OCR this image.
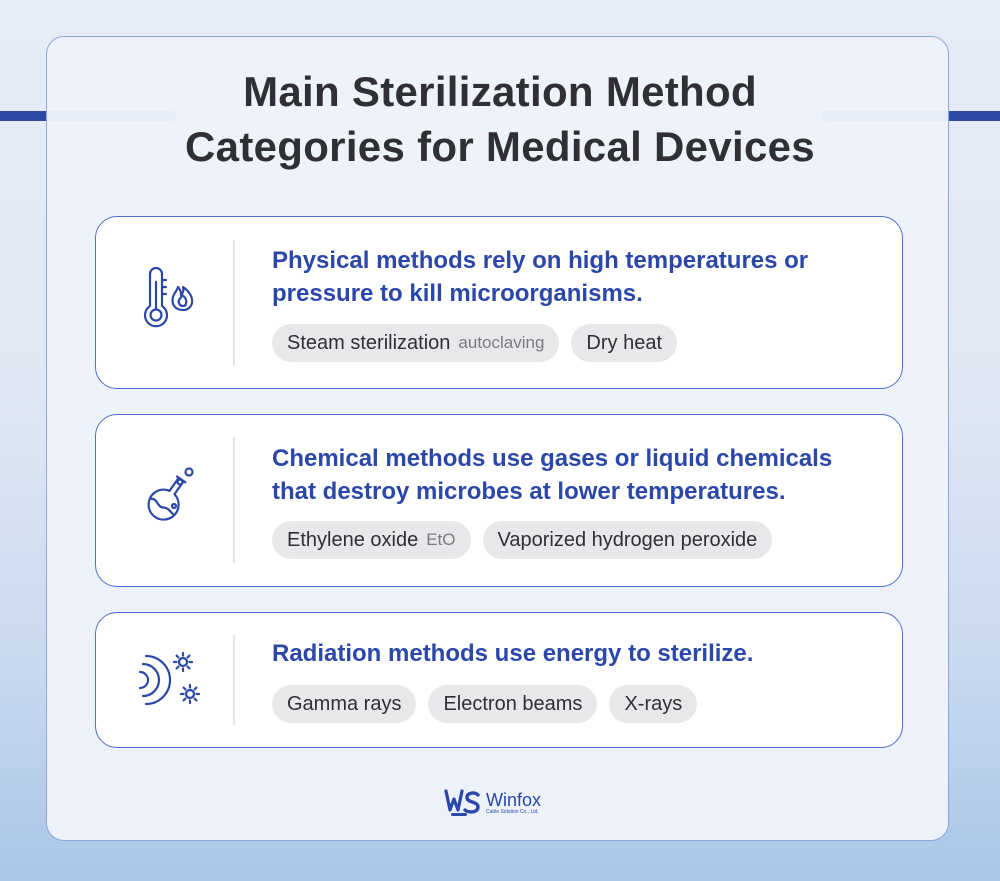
Main Sterilization Method
Categories for Medical Devices

Physical methods rely on high temperatures or pressure to kill microorganisms.

Steam sterilization autoclaving Dry heat

Chemical methods use gases or liquid chemicals that destroy microbes at lower temperatures.

Ethylene oxide EtO Vaporized hydrogen peroxide

Radiation methods use energy to sterilize.

Gamma rays Electron beams X-rays
Winfox
Cable Solution Co., Ltd.
